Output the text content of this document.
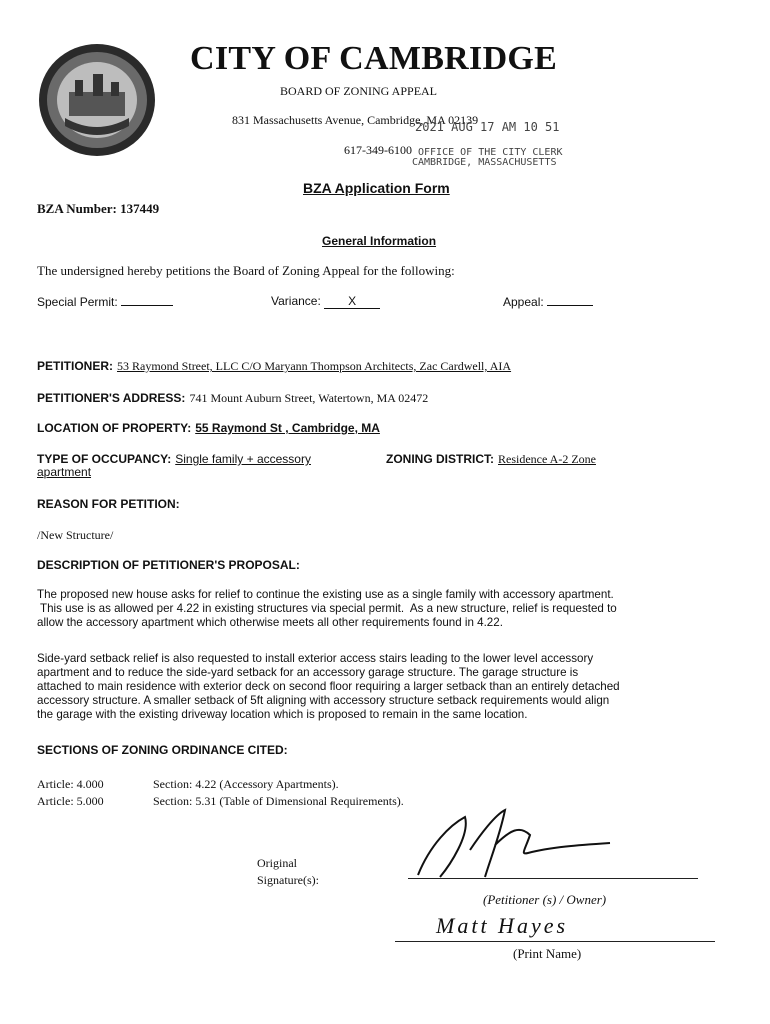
CITY OF CAMBRIDGE
BOARD OF ZONING APPEAL
831 Massachusetts Avenue, Cambridge, MA 02139
617-349-6100
2021 AUG 17 AM 10 51
OFFICE OF THE CITY CLERK
CAMBRIDGE, MASSACHUSETTS
BZA Application Form
BZA Number: 137449
General Information
The undersigned hereby petitions the Board of Zoning Appeal for the following:
Special Permit:	Variance: X	Appeal:
PETITIONER: 53 Raymond Street, LLC C/O Maryann Thompson Architects, Zac Cardwell, AIA
PETITIONER'S ADDRESS: 741 Mount Auburn Street, Watertown, MA 02472
LOCATION OF PROPERTY: 55 Raymond St , Cambridge, MA
TYPE OF OCCUPANCY: Single family + accessory
apartment
ZONING DISTRICT: Residence A-2 Zone
REASON FOR PETITION:
/New Structure/
DESCRIPTION OF PETITIONER'S PROPOSAL:
The proposed new house asks for relief to continue the existing use as a single family with accessory apartment.
This use is as allowed per 4.22 in existing structures via special permit.  As a new structure, relief is requested to
allow the accessory apartment which otherwise meets all other requirements found in 4.22.
Side-yard setback relief is also requested to install exterior access stairs leading to the lower level accessory
apartment and to reduce the side-yard setback for an accessory garage structure. The garage structure is
attached to main residence with exterior deck on second floor requiring a larger setback than an entirely detached
accessory structure. A smaller setback of 5ft aligning with accessory structure setback requirements would align
the garage with the existing driveway location which is proposed to remain in the same location.
SECTIONS OF ZONING ORDINANCE CITED:
Article: 4.000	Section: 4.22 (Accessory Apartments).
Article: 5.000	Section: 5.31 (Table of Dimensional Requirements).
Original
Signature(s):
(Petitioner (s) / Owner)
Matt Hayes
(Print Name)
